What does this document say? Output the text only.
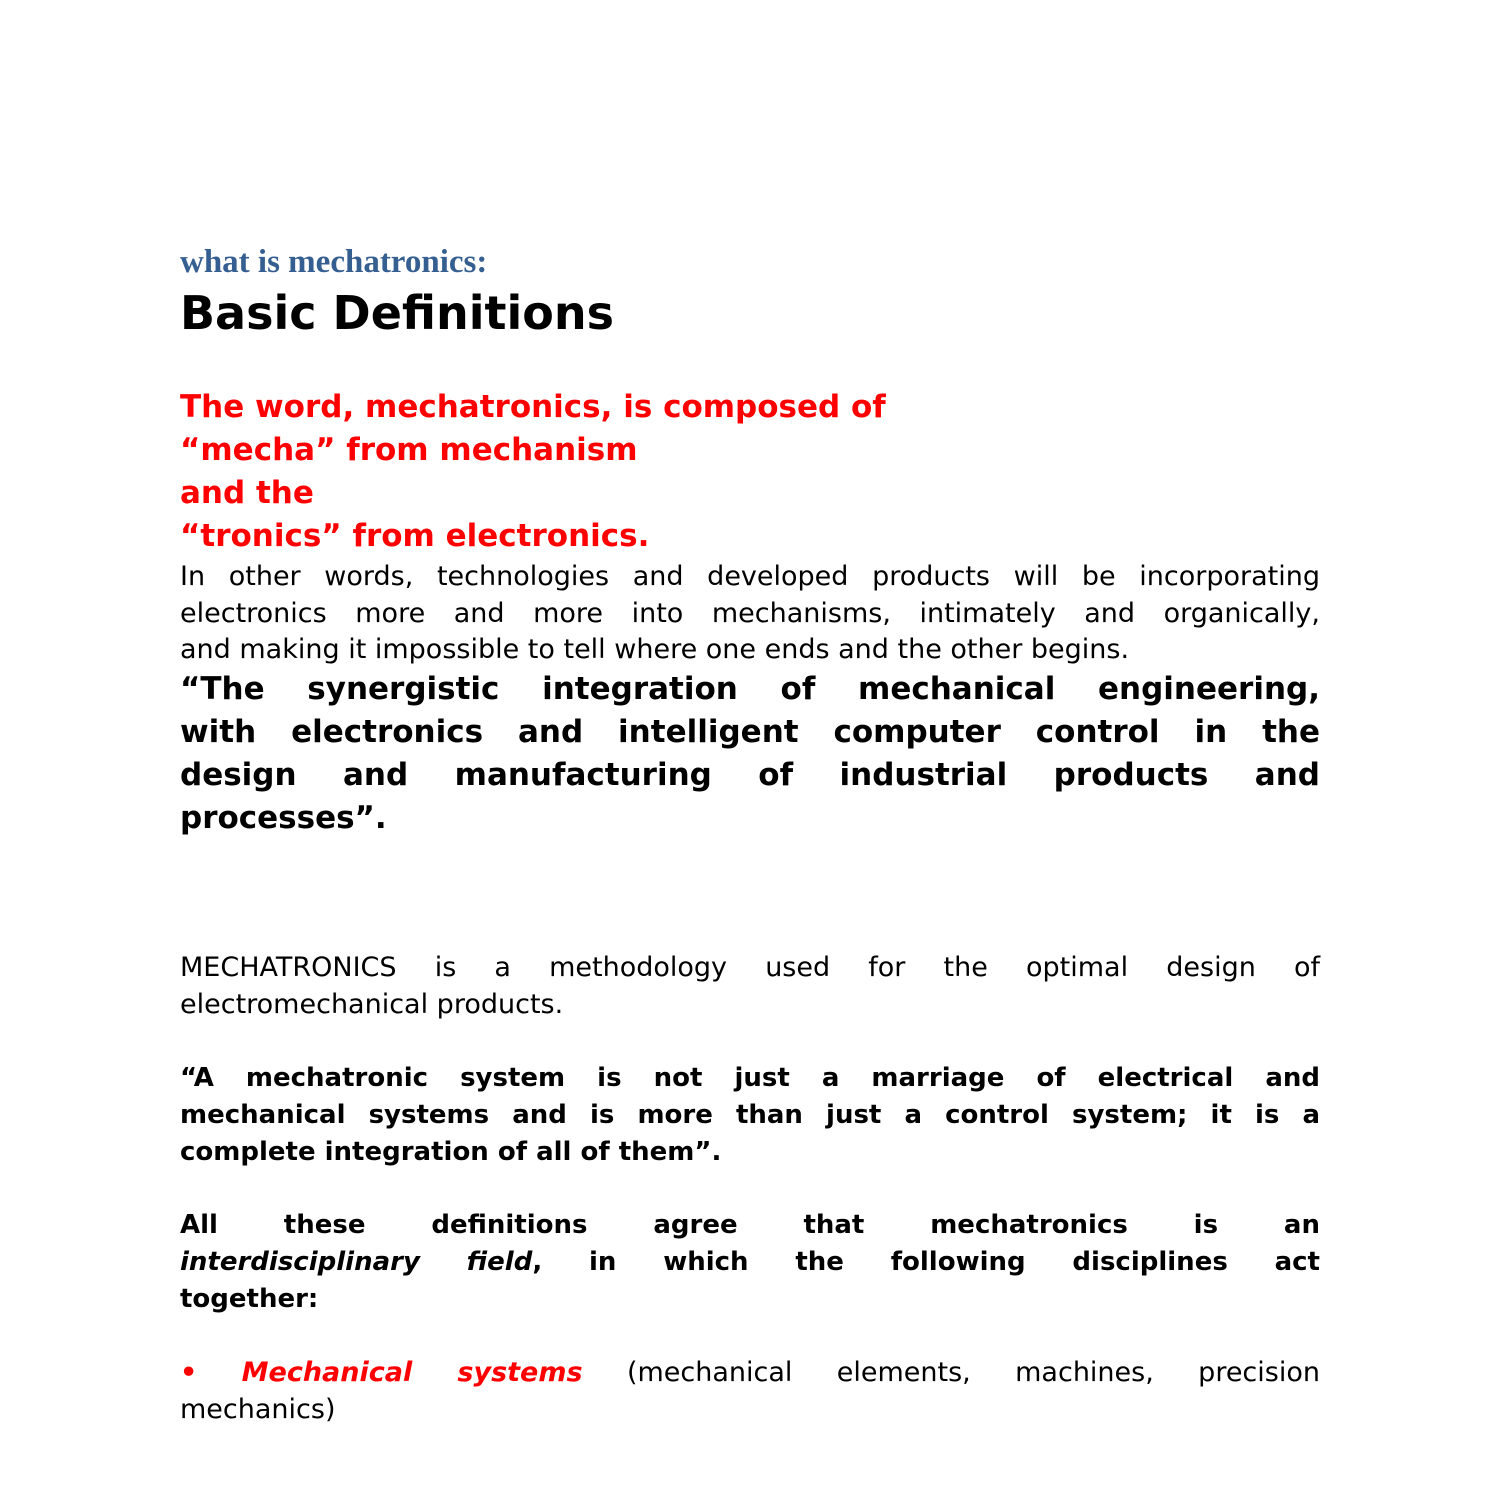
what is mechatronics:
Basic Definitions
The word, mechatronics, is composed of
“mecha” from mechanism
and the
“tronics” from electronics.
In other words, technologies and developed products will be incorporating
electronics more and more into mechanisms, intimately and organically,
and making it impossible to tell where one ends and the other begins.
“The synergistic integration of mechanical engineering,
with electronics and intelligent computer control in the
design and manufacturing of industrial products and
processes”.
MECHATRONICS is a methodology used for the optimal design of
electromechanical products.
“A mechatronic system is not just a marriage of electrical and
mechanical systems and is more than just a control system; it is a
complete integration of all of them”.
All these definitions agree that mechatronics is an
interdisciplinary field, in which the following disciplines act
together:
• Mechanical systems (mechanical elements, machines, precision
mechanics)
